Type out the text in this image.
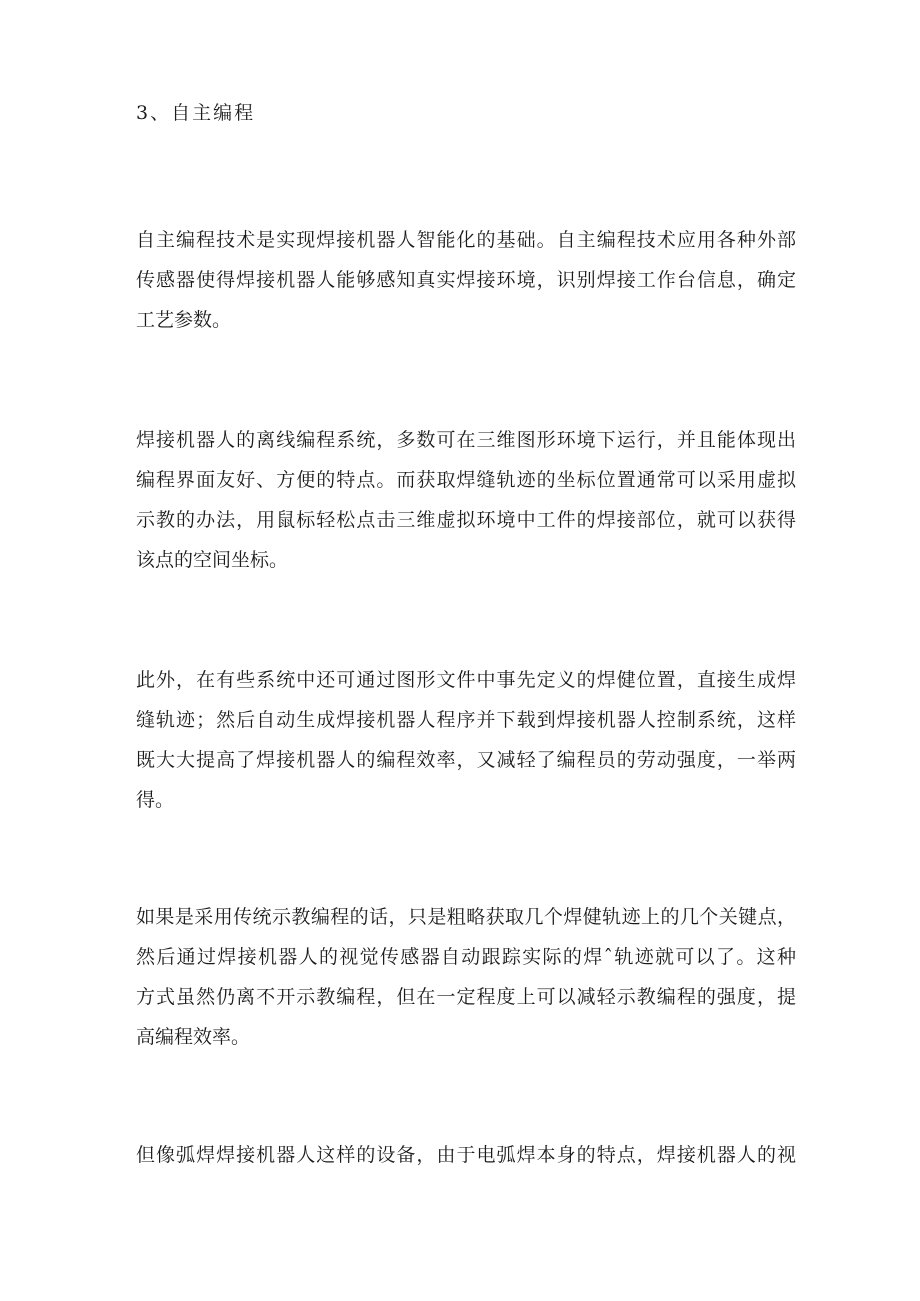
3、自主编程
自主编程技术是实现焊接机器人智能化的基础。自主编程技术应用各种外部
传感器使得焊接机器人能够感知真实焊接环境，识别焊接工作台信息，确定
工艺参数。
焊接机器人的离线编程系统，多数可在三维图形环境下运行，并且能体现出
编程界面友好、方便的特点。而获取焊缝轨迹的坐标位置通常可以采用虚拟
示教的办法，用鼠标轻松点击三维虚拟环境中工件的焊接部位，就可以获得
该点的空间坐标。
此外，在有些系统中还可通过图形文件中事先定义的焊健位置，直接生成焊
缝轨迹；然后自动生成焊接机器人程序并下载到焊接机器人控制系统，这样
既大大提高了焊接机器人的编程效率，又减轻了编程员的劳动强度，一举两
得。
如果是采用传统示教编程的话，只是粗略获取几个焊健轨迹上的几个关键点，
然后通过焊接机器人的视觉传感器自动跟踪实际的焊ˆ轨迹就可以了。这种
方式虽然仍离不开示教编程，但在一定程度上可以减轻示教编程的强度，提
高编程效率。
但像弧焊焊接机器人这样的设备，由于电弧焊本身的特点，焊接机器人的视
